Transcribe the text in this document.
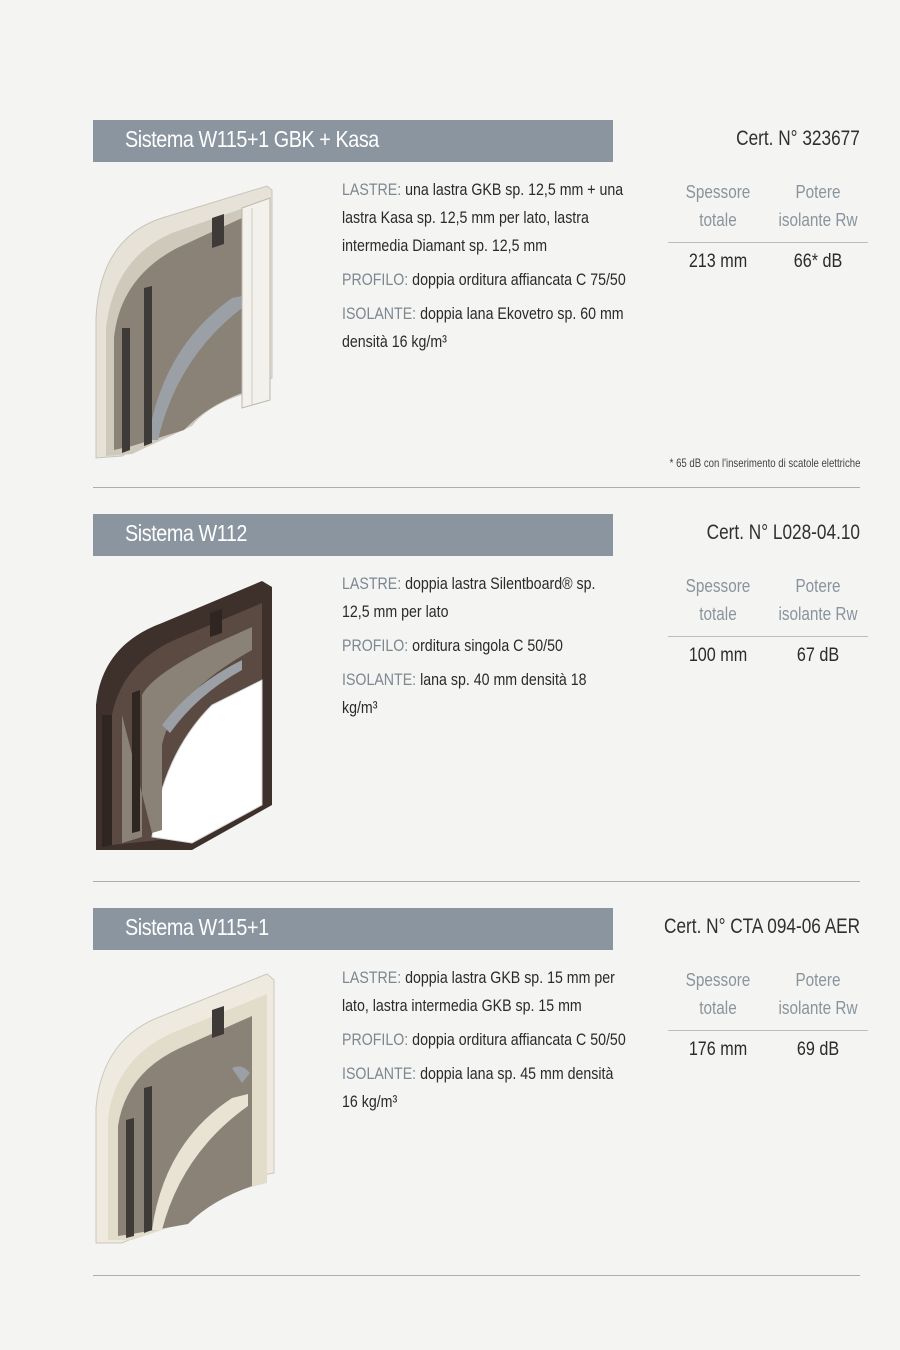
Sistema W115+1 GBK + Kasa	Cert. N° 323677

LASTRE: una lastra GKB sp. 12,5 mm + una lastra Kasa sp. 12,5 mm per lato, lastra intermedia Diamant sp. 12,5 mm

PROFILO: doppia orditura affiancata C 75/50

ISOLANTE: doppia lana Ekovetro sp. 60 mm densità 16 kg/m³

Spessore totale
Potere isolante Rw
213 mm	66* dB
* 65 dB con l'inserimento di scatole elettriche
Sistema W112	Cert. N° L028-04.10

LASTRE: doppia lastra Silentboard® sp. 12,5 mm per lato

PROFILO: orditura singola C 50/50

ISOLANTE: lana sp. 40 mm densità 18 kg/m³

Spessore totale
Potere isolante Rw
100 mm	67 dB
Sistema W115+1	Cert. N° CTA 094-06 AER

LASTRE: doppia lastra GKB sp. 15 mm per lato, lastra intermedia GKB sp. 15 mm

PROFILO: doppia orditura affiancata C 50/50

ISOLANTE: doppia lana sp. 45 mm densità 16 kg/m³

Spessore totale
Potere isolante Rw
176 mm	69 dB
